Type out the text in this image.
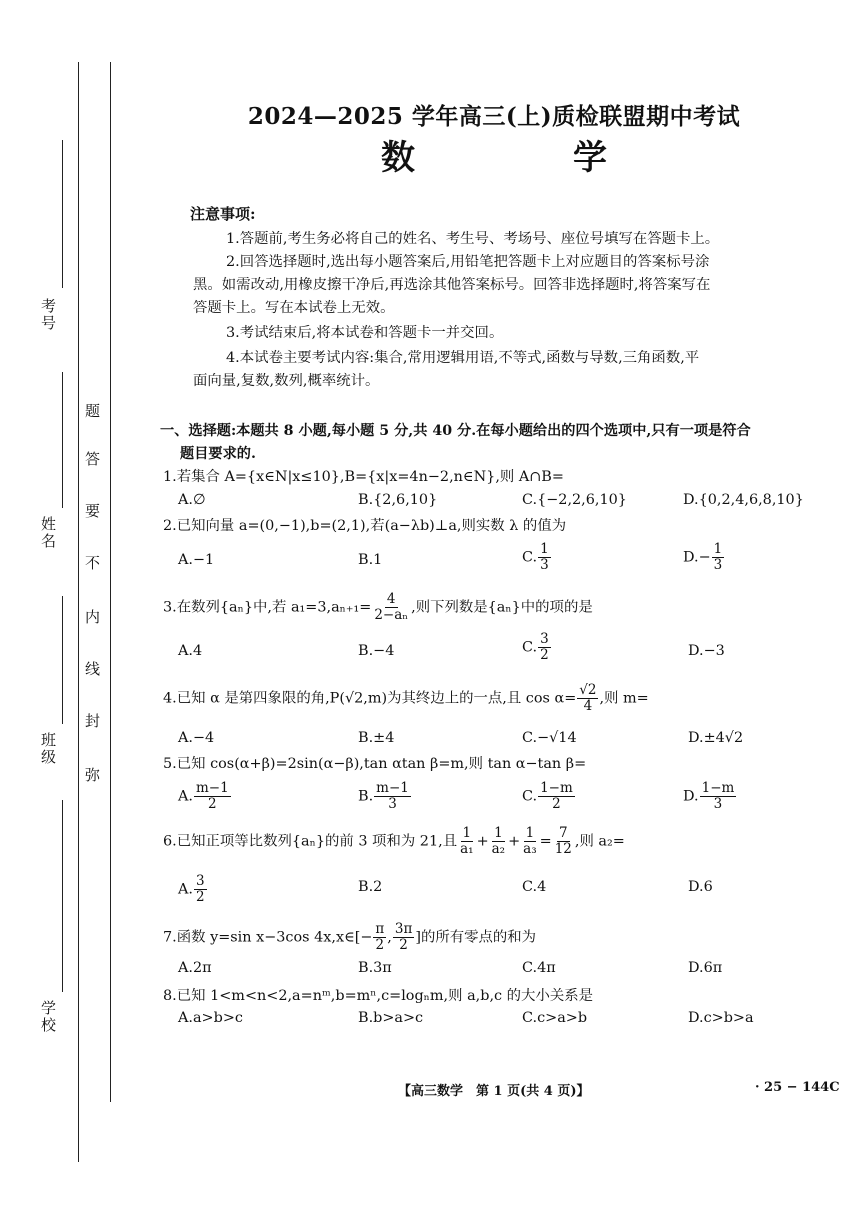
考号
姓名
班级
学校
题
答
要
不
内
线
封
弥
2024—2025 学年高三(上)质检联盟期中考试
数　学
注意事项:
1.答题前,考生务必将自己的姓名、考生号、考场号、座位号填写在答题卡上。
2.回答选择题时,选出每小题答案后,用铅笔把答题卡上对应题目的答案标号涂
黑。如需改动,用橡皮擦干净后,再选涂其他答案标号。回答非选择题时,将答案写在
答题卡上。写在本试卷上无效。
3.考试结束后,将本试卷和答题卡一并交回。
4.本试卷主要考试内容:集合,常用逻辑用语,不等式,函数与导数,三角函数,平
面向量,复数,数列,概率统计。
一、选择题:本题共 8 小题,每小题 5 分,共 40 分.在每小题给出的四个选项中,只有一项是符合
题目要求的.
1.若集合 A={x∈N|x≤10},B={x|x=4n−2,n∈N},则 A∩B=
A.∅	B.{2,6,10}	C.{−2,2,6,10}	D.{0,2,4,6,8,10}
2.已知向量 a=(0,−1),b=(2,1),若(a−λb)⊥a,则实数 λ 的值为
A.−1	B.1	C. $\frac{1}{3}$	$D.- \frac{1}{3}$
3.在数列{aₙ}中,若 $a_1=3,a_{n+1}= \frac{4}{\text{2−aₙ}}$ ,则下列数是{aₙ}中的项的是
A.4	B.−4	C. $\frac{3}{2}$	D.−3
4.已知 α 是第四象限的角,P(√2,m)为其终边上的一点,且 $\cos \alpha= \frac{√2}{4}$ ,则 m=
A.−4	B.±4	C.−√14	D.±4√2
5.已知 cos(α+β)=2sin(α−β),tan αtan β=m,则 tan α−tan β=
A. $\frac{m-1}{2}$	B. $\frac{m-1}{3}$	C. $\frac{1-m}{2}$	D. $\frac{1-m}{3}$
6.已知正项等比数列{aₙ}的前 3 项和为 21,且 $\frac{1}{\text{a₁}} + \frac{1}{\text{a₂}} + \frac{1}{\text{a₃}} = \frac{7}{12}$ ,则 a₂=
A. $\frac{3}{2}$	B.2	C.4	D.6
7.函数 y=sin x−3cos 4x,x∈[− $\frac{\pi}{2}$ , $\frac{3\pi}{2}$ ]的所有零点的和为
A.2π	B.3π	C.4π	D.6π
8.已知 1<m<n<2,a=nᵐ,b=mⁿ,c=logₙm,则 a,b,c 的大小关系是
A.a>b>c	B.b>a>c	C.c>a>b	D.c>b>a
【高三数学　第 1 页(共 4 页)】	· 25 − 144C
